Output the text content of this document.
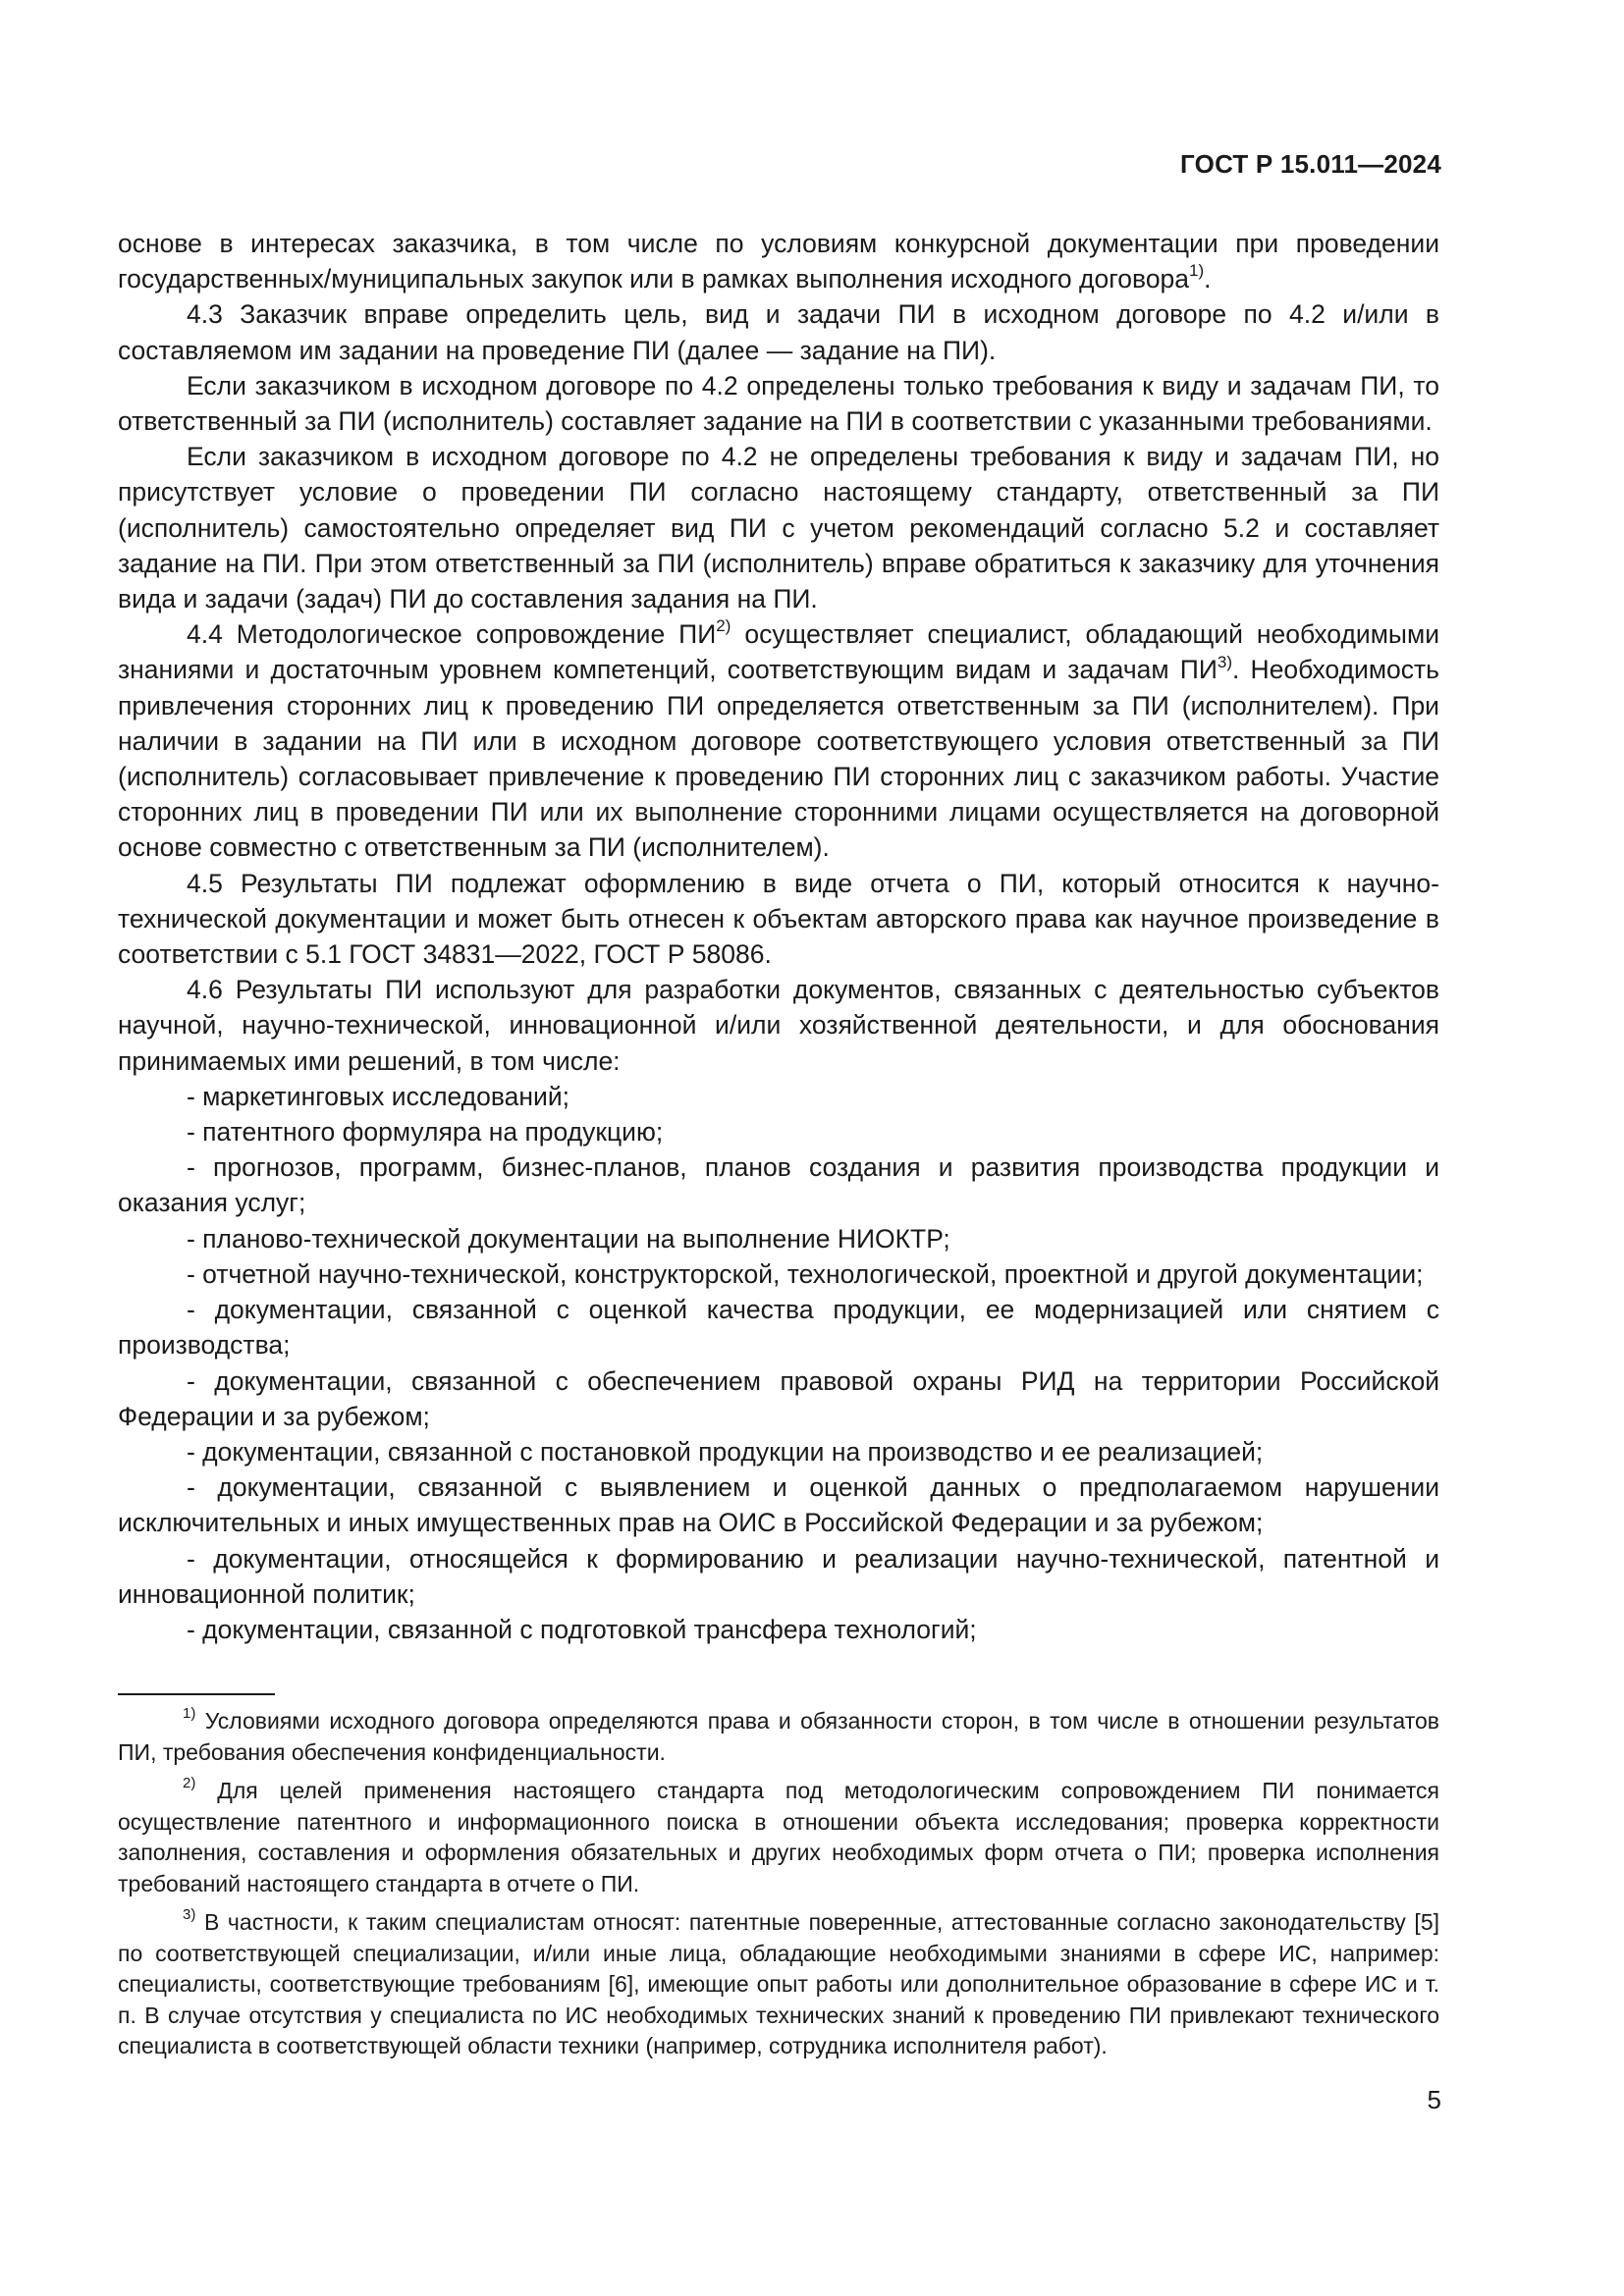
ГОСТ Р 15.011—2024

основе в интересах заказчика, в том числе по условиям конкурсной документации при проведении государственных/муниципальных закупок или в рамках выполнения исходного договора$^{1)}$.

4.3 Заказчик вправе определить цель, вид и задачи ПИ в исходном договоре по 4.2 и/или в составляемом им задании на проведение ПИ (далее — задание на ПИ).

Если заказчиком в исходном договоре по 4.2 определены только требования к виду и задачам ПИ, то ответственный за ПИ (исполнитель) составляет задание на ПИ в соответствии с указанными требованиями.

Если заказчиком в исходном договоре по 4.2 не определены требования к виду и задачам ПИ, но присутствует условие о проведении ПИ согласно настоящему стандарту, ответственный за ПИ (исполнитель) самостоятельно определяет вид ПИ с учетом рекомендаций согласно 5.2 и составляет задание на ПИ. При этом ответственный за ПИ (исполнитель) вправе обратиться к заказчику для уточнения вида и задачи (задач) ПИ до составления задания на ПИ.

4.4 Методологическое сопровождение ПИ$^{2)}$ осуществляет специалист, обладающий необходимыми знаниями и достаточным уровнем компетенций, соответствующим видам и задачам ПИ$^{3)}$. Необходимость привлечения сторонних лиц к проведению ПИ определяется ответственным за ПИ (исполнителем). При наличии в задании на ПИ или в исходном договоре соответствующего условия ответственный за ПИ (исполнитель) согласовывает привлечение к проведению ПИ сторонних лиц с заказчиком работы. Участие сторонних лиц в проведении ПИ или их выполнение сторонними лицами осуществляется на договорной основе совместно с ответственным за ПИ (исполнителем).

4.5 Результаты ПИ подлежат оформлению в виде отчета о ПИ, который относится к научно-технической документации и может быть отнесен к объектам авторского права как научное произведение в соответствии с 5.1 ГОСТ 34831—2022, ГОСТ Р 58086.

4.6 Результаты ПИ используют для разработки документов, связанных с деятельностью субъектов научной, научно-технической, инновационной и/или хозяйственной деятельности, и для обоснования принимаемых ими решений, в том числе:

- маркетинговых исследований;

- патентного формуляра на продукцию;

- прогнозов, программ, бизнес-планов, планов создания и развития производства продукции и оказания услуг;

- планово-технической документации на выполнение НИОКТР;

- отчетной научно-технической, конструкторской, технологической, проектной и другой документации;

- документации, связанной с оценкой качества продукции, ее модернизацией или снятием с производства;

- документации, связанной с обеспечением правовой охраны РИД на территории Российской Федерации и за рубежом;

- документации, связанной с постановкой продукции на производство и ее реализацией;

- документации, связанной с выявлением и оценкой данных о предполагаемом нарушении исключительных и иных имущественных прав на ОИС в Российской Федерации и за рубежом;

- документации, относящейся к формированию и реализации научно-технической, патентной и инновационной политик;

- документации, связанной с подготовкой трансфера технологий;

$^{1)}$ Условиями исходного договора определяются права и обязанности сторон, в том числе в отношении результатов ПИ, требования обеспечения конфиденциальности.

$^{2)}$ Для целей применения настоящего стандарта под методологическим сопровождением ПИ понимается осуществление патентного и информационного поиска в отношении объекта исследования; проверка корректности заполнения, составления и оформления обязательных и других необходимых форм отчета о ПИ; проверка исполнения требований настоящего стандарта в отчете о ПИ.

$^{3)}$ В частности, к таким специалистам относят: патентные поверенные, аттестованные согласно законодательству [5] по соответствующей специализации, и/или иные лица, обладающие необходимыми знаниями в сфере ИС, например: специалисты, соответствующие требованиям [6], имеющие опыт работы или дополнительное образование в сфере ИС и т. п. В случае отсутствия у специалиста по ИС необходимых технических знаний к проведению ПИ привлекают технического специалиста в соответствующей области техники (например, сотрудника исполнителя работ).

5
